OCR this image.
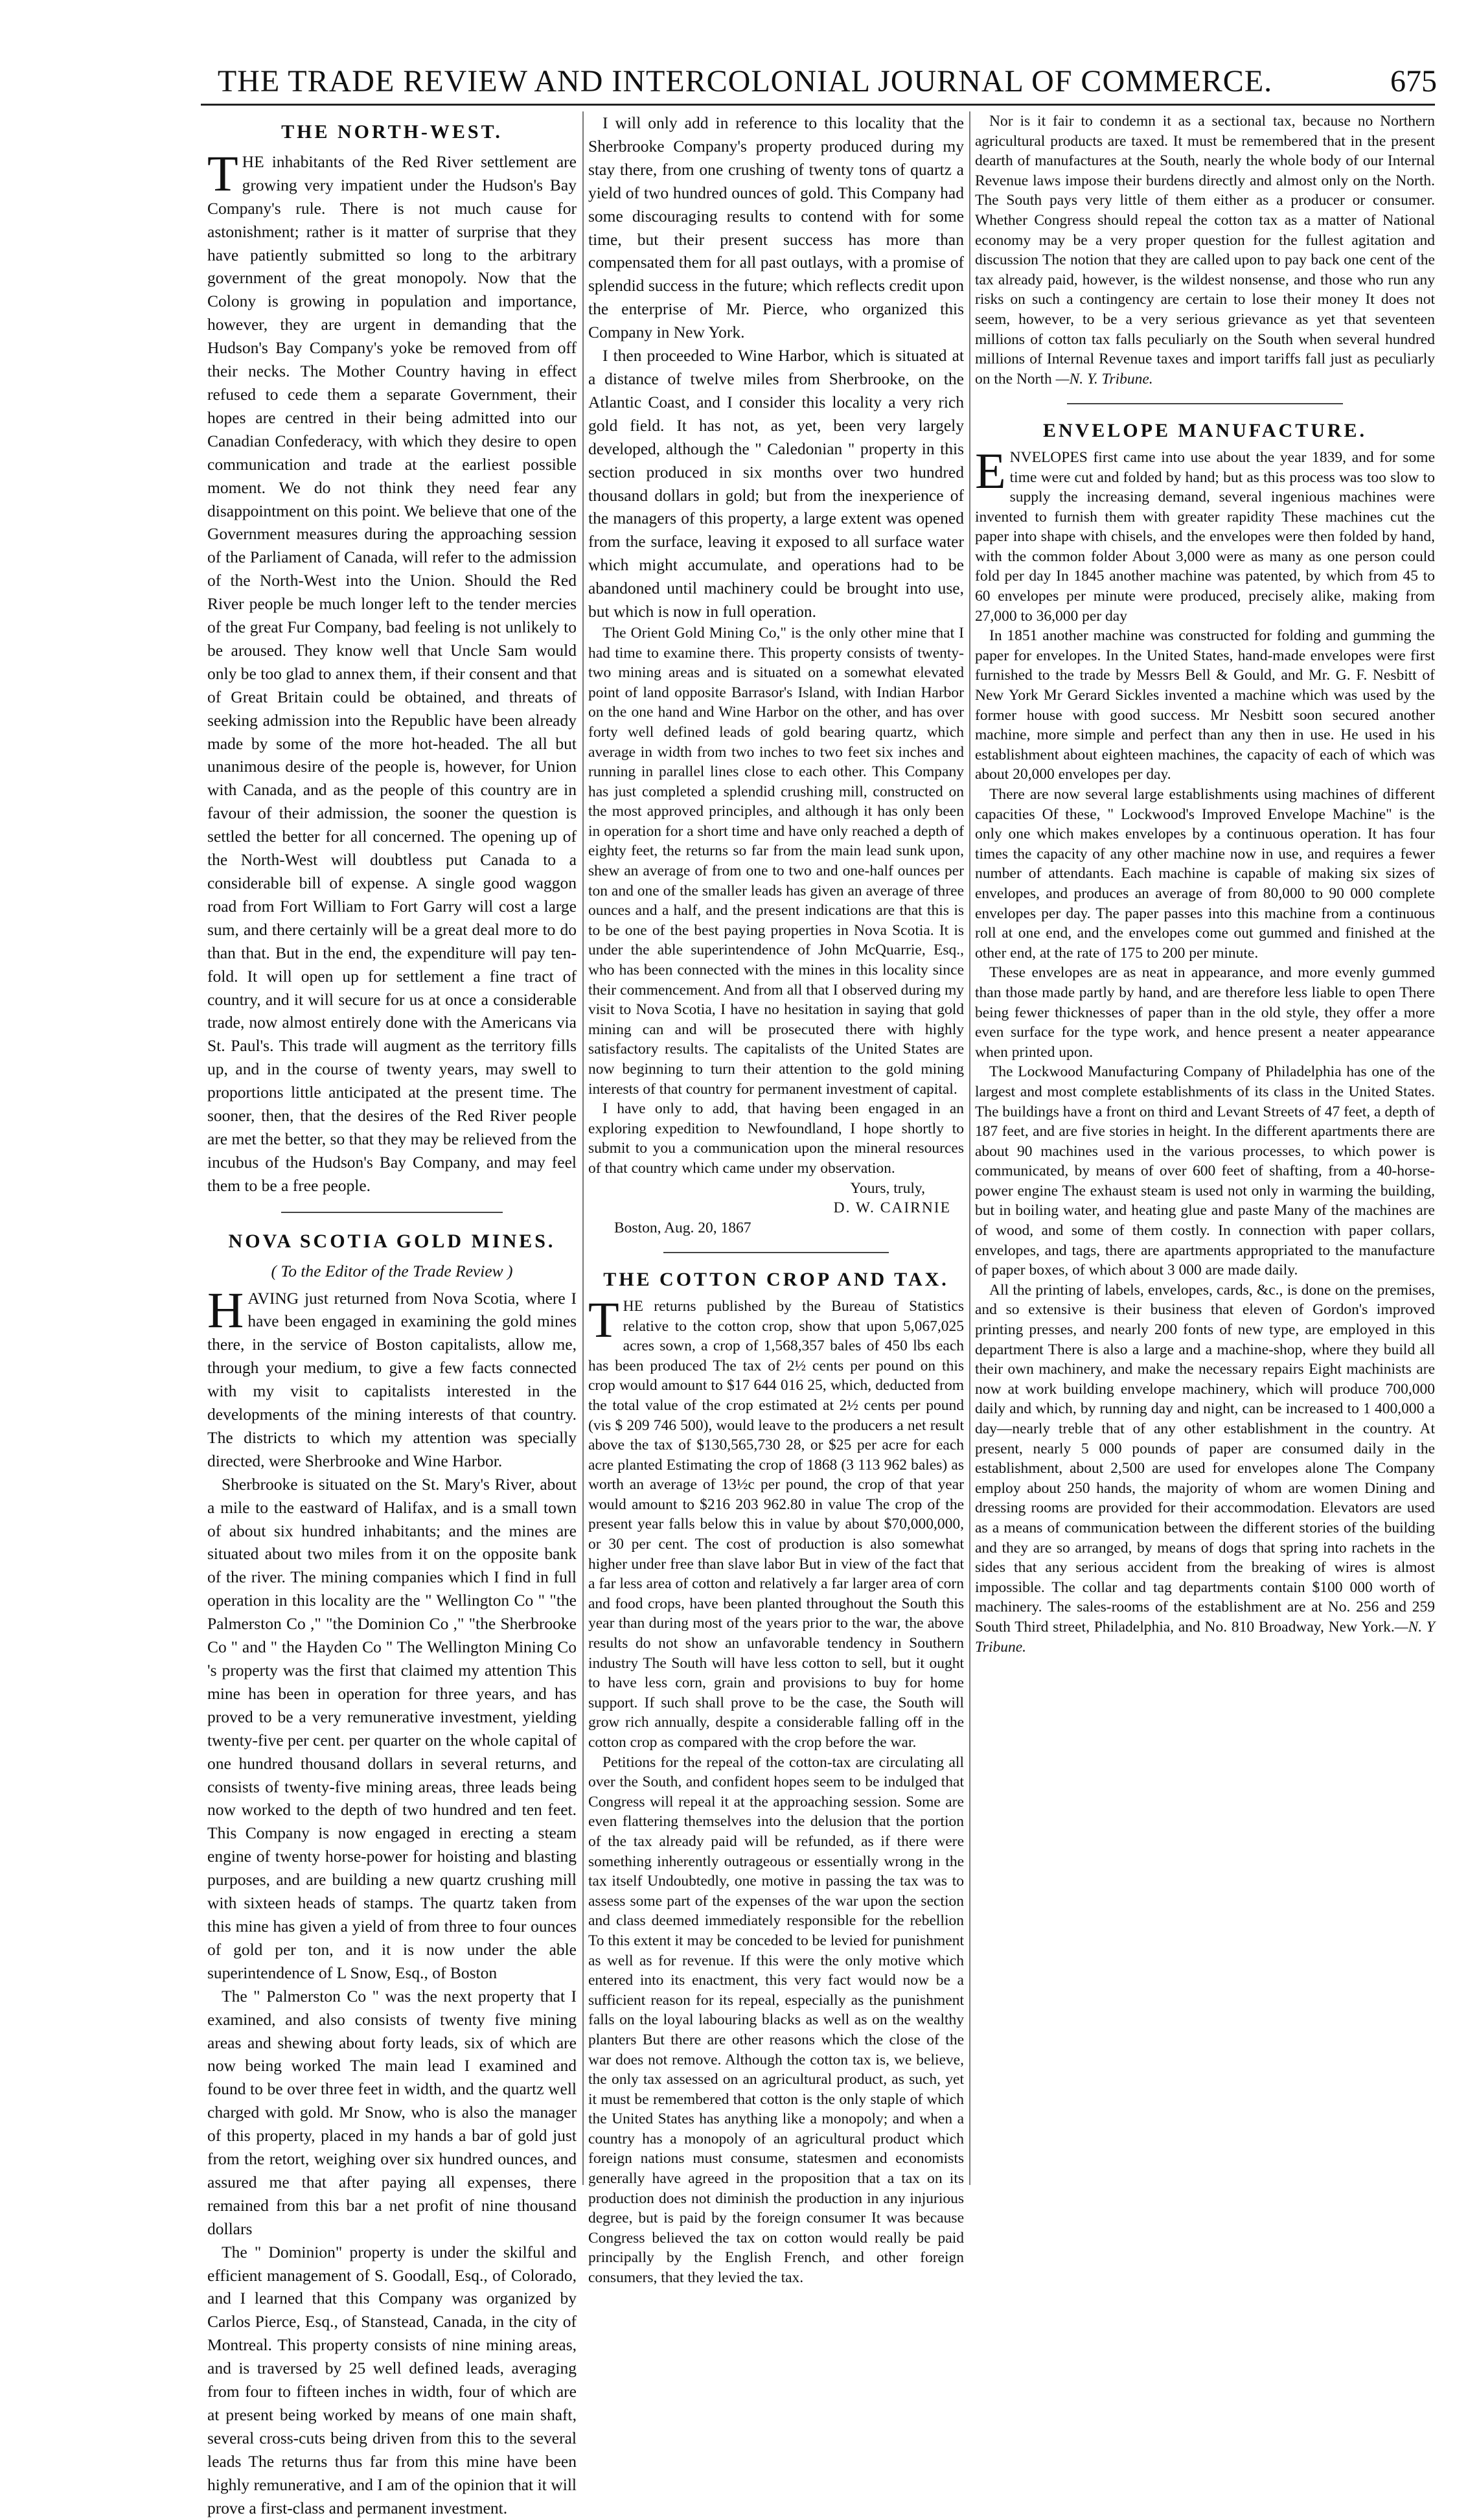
THE TRADE REVIEW AND INTERCOLONIAL JOURNAL OF COMMERCE.	675
THE NORTH-WEST.

THE inhabitants of the Red River settlement are growing very impatient under the Hudson's Bay Company's rule. There is not much cause for astonishment; rather is it matter of surprise that they have patiently submitted so long to the arbitrary government of the great monopoly. Now that the Colony is growing in population and importance, however, they are urgent in demanding that the Hudson's Bay Company's yoke be removed from off their necks. The Mother Country having in effect refused to cede them a separate Government, their hopes are centred in their being admitted into our Canadian Confederacy, with which they desire to open communication and trade at the earliest possible moment. We do not think they need fear any disappointment on this point. We believe that one of the Government measures during the approaching session of the Parliament of Canada, will refer to the admission of the North-West into the Union. Should the Red River people be much longer left to the tender mercies of the great Fur Company, bad feeling is not unlikely to be aroused. They know well that Uncle Sam would only be too glad to annex them, if their consent and that of Great Britain could be obtained, and threats of seeking admission into the Republic have been already made by some of the more hot-headed. The all but unanimous desire of the people is, however, for Union with Canada, and as the people of this country are in favour of their admission, the sooner the question is settled the better for all concerned. The opening up of the North-West will doubtless put Canada to a considerable bill of expense. A single good waggon road from Fort William to Fort Garry will cost a large sum, and there certainly will be a great deal more to do than that. But in the end, the expenditure will pay ten-fold. It will open up for settlement a fine tract of country, and it will secure for us at once a considerable trade, now almost entirely done with the Americans via St. Paul's. This trade will augment as the territory fills up, and in the course of twenty years, may swell to proportions little anticipated at the present time. The sooner, then, that the desires of the Red River people are met the better, so that they may be relieved from the incubus of the Hudson's Bay Company, and may feel them to be a free people.

NOVA SCOTIA GOLD MINES.
( To the Editor of the Trade Review )

HAVING just returned from Nova Scotia, where I have been engaged in examining the gold mines there, in the service of Boston capitalists, allow me, through your medium, to give a few facts connected with my visit to capitalists interested in the developments of the mining interests of that country. The districts to which my attention was specially directed, were Sherbrooke and Wine Harbor.

Sherbrooke is situated on the St. Mary's River, about a mile to the eastward of Halifax, and is a small town of about six hundred inhabitants; and the mines are situated about two miles from it on the opposite bank of the river. The mining companies which I find in full operation in this locality are the " Wellington Co " "the Palmerston Co ," "the Dominion Co ," "the Sherbrooke Co " and " the Hayden Co " The Wellington Mining Co 's property was the first that claimed my attention This mine has been in operation for three years, and has proved to be a very remunerative investment, yielding twenty-five per cent. per quarter on the whole capital of one hundred thousand dollars in several returns, and consists of twenty-five mining areas, three leads being now worked to the depth of two hundred and ten feet. This Company is now engaged in erecting a steam engine of twenty horse-power for hoisting and blasting purposes, and are building a new quartz crushing mill with sixteen heads of stamps. The quartz taken from this mine has given a yield of from three to four ounces of gold per ton, and it is now under the able superintendence of L Snow, Esq., of Boston

The " Palmerston Co " was the next property that I examined, and also consists of twenty five mining areas and shewing about forty leads, six of which are now being worked The main lead I examined and found to be over three feet in width, and the quartz well charged with gold. Mr Snow, who is also the manager of this property, placed in my hands a bar of gold just from the retort, weighing over six hundred ounces, and assured me that after paying all expenses, there remained from this bar a net profit of nine thousand dollars

The " Dominion" property is under the skilful and efficient management of S. Goodall, Esq., of Colorado, and I learned that this Company was organized by Carlos Pierce, Esq., of Stanstead, Canada, in the city of Montreal. This property consists of nine mining areas, and is traversed by 25 well defined leads, averaging from four to fifteen inches in width, four of which are at present being worked by means of one main shaft, several cross-cuts being driven from this to the several leads The returns thus far from this mine have been highly remunerative, and I am of the opinion that it will prove a first-class and permanent investment.

I will only add in reference to this locality that the Sherbrooke Company's property produced during my stay there, from one crushing of twenty tons of quartz a yield of two hundred ounces of gold. This Company had some discouraging results to contend with for some time, but their present success has more than compensated them for all past outlays, with a promise of splendid success in the future; which reflects credit upon the enterprise of Mr. Pierce, who organized this Company in New York.

I then proceeded to Wine Harbor, which is situated at a distance of twelve miles from Sherbrooke, on the Atlantic Coast, and I consider this locality a very rich gold field. It has not, as yet, been very largely developed, although the " Caledonian " property in this section produced in six months over two hundred thousand dollars in gold; but from the inexperience of the managers of this property, a large extent was opened from the surface, leaving it exposed to all surface water which might accumulate, and operations had to be abandoned until machinery could be brought into use, but which is now in full operation.

The Orient Gold Mining Co," is the only other mine that I had time to examine there. This property consists of twenty-two mining areas and is situated on a somewhat elevated point of land opposite Barrasor's Island, with Indian Harbor on the one hand and Wine Harbor on the other, and has over forty well defined leads of gold bearing quartz, which average in width from two inches to two feet six inches and running in parallel lines close to each other. This Company has just completed a splendid crushing mill, constructed on the most approved principles, and although it has only been in operation for a short time and have only reached a depth of eighty feet, the returns so far from the main lead sunk upon, shew an average of from one to two and one-half ounces per ton and one of the smaller leads has given an average of three ounces and a half, and the present indications are that this is to be one of the best paying properties in Nova Scotia. It is under the able superintendence of John McQuarrie, Esq., who has been connected with the mines in this locality since their commencement. And from all that I observed during my visit to Nova Scotia, I have no hesitation in saying that gold mining can and will be prosecuted there with highly satisfactory results. The capitalists of the United States are now beginning to turn their attention to the gold mining interests of that country for permanent investment of capital.

I have only to add, that having been engaged in an exploring expedition to Newfoundland, I hope shortly to submit to you a communication upon the mineral resources of that country which came under my observation.

Yours, truly,

D. W. CAIRNIE

Boston, Aug. 20, 1867

THE COTTON CROP AND TAX.

THE returns published by the Bureau of Statistics relative to the cotton crop, show that upon 5,067,025 acres sown, a crop of 1,568,357 bales of 450 lbs each has been produced The tax of 2½ cents per pound on this crop would amount to $17 644 016 25, which, deducted from the total value of the crop estimated at 2½ cents per pound (vis $ 209 746 500), would leave to the producers a net result above the tax of $130,565,730 28, or $25 per acre for each acre planted Estimating the crop of 1868 (3 113 962 bales) as worth an average of 13½c per pound, the crop of that year would amount to $216 203 962.80 in value The crop of the present year falls below this in value by about $70,000,000, or 30 per cent. The cost of production is also somewhat higher under free than slave labor But in view of the fact that a far less area of cotton and relatively a far larger area of corn and food crops, have been planted throughout the South this year than during most of the years prior to the war, the above results do not show an unfavorable tendency in Southern industry The South will have less cotton to sell, but it ought to have less corn, grain and provisions to buy for home support. If such shall prove to be the case, the South will grow rich annually, despite a considerable falling off in the cotton crop as compared with the crop before the war.

Petitions for the repeal of the cotton-tax are circulating all over the South, and confident hopes seem to be indulged that Congress will repeal it at the approaching session. Some are even flattering themselves into the delusion that the portion of the tax already paid will be refunded, as if there were something inherently outrageous or essentially wrong in the tax itself Undoubtedly, one motive in passing the tax was to assess some part of the expenses of the war upon the section and class deemed immediately responsible for the rebellion To this extent it may be conceded to be levied for punishment as well as for revenue. If this were the only motive which entered into its enactment, this very fact would now be a sufficient reason for its repeal, especially as the punishment falls on the loyal labouring blacks as well as on the wealthy planters But there are other reasons which the close of the war does not remove. Although the cotton tax is, we believe, the only tax assessed on an agricultural product, as such, yet it must be remembered that cotton is the only staple of which the United States has anything like a monopoly; and when a country has a monopoly of an agricultural product which foreign nations must consume, statesmen and economists generally have agreed in the proposition that a tax on its production does not diminish the production in any injurious degree, but is paid by the foreign consumer It was because Congress believed the tax on cotton would really be paid principally by the English French, and other foreign consumers, that they levied the tax.

Nor is it fair to condemn it as a sectional tax, because no Northern agricultural products are taxed. It must be remembered that in the present dearth of manufactures at the South, nearly the whole body of our Internal Revenue laws impose their burdens directly and almost only on the North. The South pays very little of them either as a producer or consumer. Whether Congress should repeal the cotton tax as a matter of National economy may be a very proper question for the fullest agitation and discussion The notion that they are called upon to pay back one cent of the tax already paid, however, is the wildest nonsense, and those who run any risks on such a contingency are certain to lose their money It does not seem, however, to be a very serious grievance as yet that seventeen millions of cotton tax falls peculiarly on the South when several hundred millions of Internal Revenue taxes and import tariffs fall just as peculiarly on the North —N. Y. Tribune.

ENVELOPE MANUFACTURE.

ENVELOPES first came into use about the year 1839, and for some time were cut and folded by hand; but as this process was too slow to supply the increasing demand, several ingenious machines were invented to furnish them with greater rapidity These machines cut the paper into shape with chisels, and the envelopes were then folded by hand, with the common folder About 3,000 were as many as one person could fold per day In 1845 another machine was patented, by which from 45 to 60 envelopes per minute were produced, precisely alike, making from 27,000 to 36,000 per day

In 1851 another machine was constructed for folding and gumming the paper for envelopes. In the United States, hand-made envelopes were first furnished to the trade by Messrs Bell & Gould, and Mr. G. F. Nesbitt of New York Mr Gerard Sickles invented a machine which was used by the former house with good success. Mr Nesbitt soon secured another machine, more simple and perfect than any then in use. He used in his establishment about eighteen machines, the capacity of each of which was about 20,000 envelopes per day.

There are now several large establishments using machines of different capacities Of these, " Lockwood's Improved Envelope Machine" is the only one which makes envelopes by a continuous operation. It has four times the capacity of any other machine now in use, and requires a fewer number of attendants. Each machine is capable of making six sizes of envelopes, and produces an average of from 80,000 to 90 000 complete envelopes per day. The paper passes into this machine from a continuous roll at one end, and the envelopes come out gummed and finished at the other end, at the rate of 175 to 200 per minute.

These envelopes are as neat in appearance, and more evenly gummed than those made partly by hand, and are therefore less liable to open There being fewer thicknesses of paper than in the old style, they offer a more even surface for the type work, and hence present a neater appearance when printed upon.

The Lockwood Manufacturing Company of Philadelphia has one of the largest and most complete establishments of its class in the United States. The buildings have a front on third and Levant Streets of 47 feet, a depth of 187 feet, and are five stories in height. In the different apartments there are about 90 machines used in the various processes, to which power is communicated, by means of over 600 feet of shafting, from a 40-horse-power engine The exhaust steam is used not only in warming the building, but in boiling water, and heating glue and paste Many of the machines are of wood, and some of them costly. In connection with paper collars, envelopes, and tags, there are apartments appropriated to the manufacture of paper boxes, of which about 3 000 are made daily.

All the printing of labels, envelopes, cards, &c., is done on the premises, and so extensive is their business that eleven of Gordon's improved printing presses, and nearly 200 fonts of new type, are employed in this department There is also a large and a machine-shop, where they build all their own machinery, and make the necessary repairs Eight machinists are now at work building envelope machinery, which will produce 700,000 daily and which, by running day and night, can be increased to 1 400,000 a day—nearly treble that of any other establishment in the country. At present, nearly 5 000 pounds of paper are consumed daily in the establishment, about 2,500 are used for envelopes alone The Company employ about 250 hands, the majority of whom are women Dining and dressing rooms are provided for their accommodation. Elevators are used as a means of communication between the different stories of the building and they are so arranged, by means of dogs that spring into rachets in the sides that any serious accident from the breaking of wires is almost impossible. The collar and tag departments contain $100 000 worth of machinery. The sales-rooms of the establishment are at No. 256 and 259 South Third street, Philadelphia, and No. 810 Broadway, New York.—N. Y Tribune.
